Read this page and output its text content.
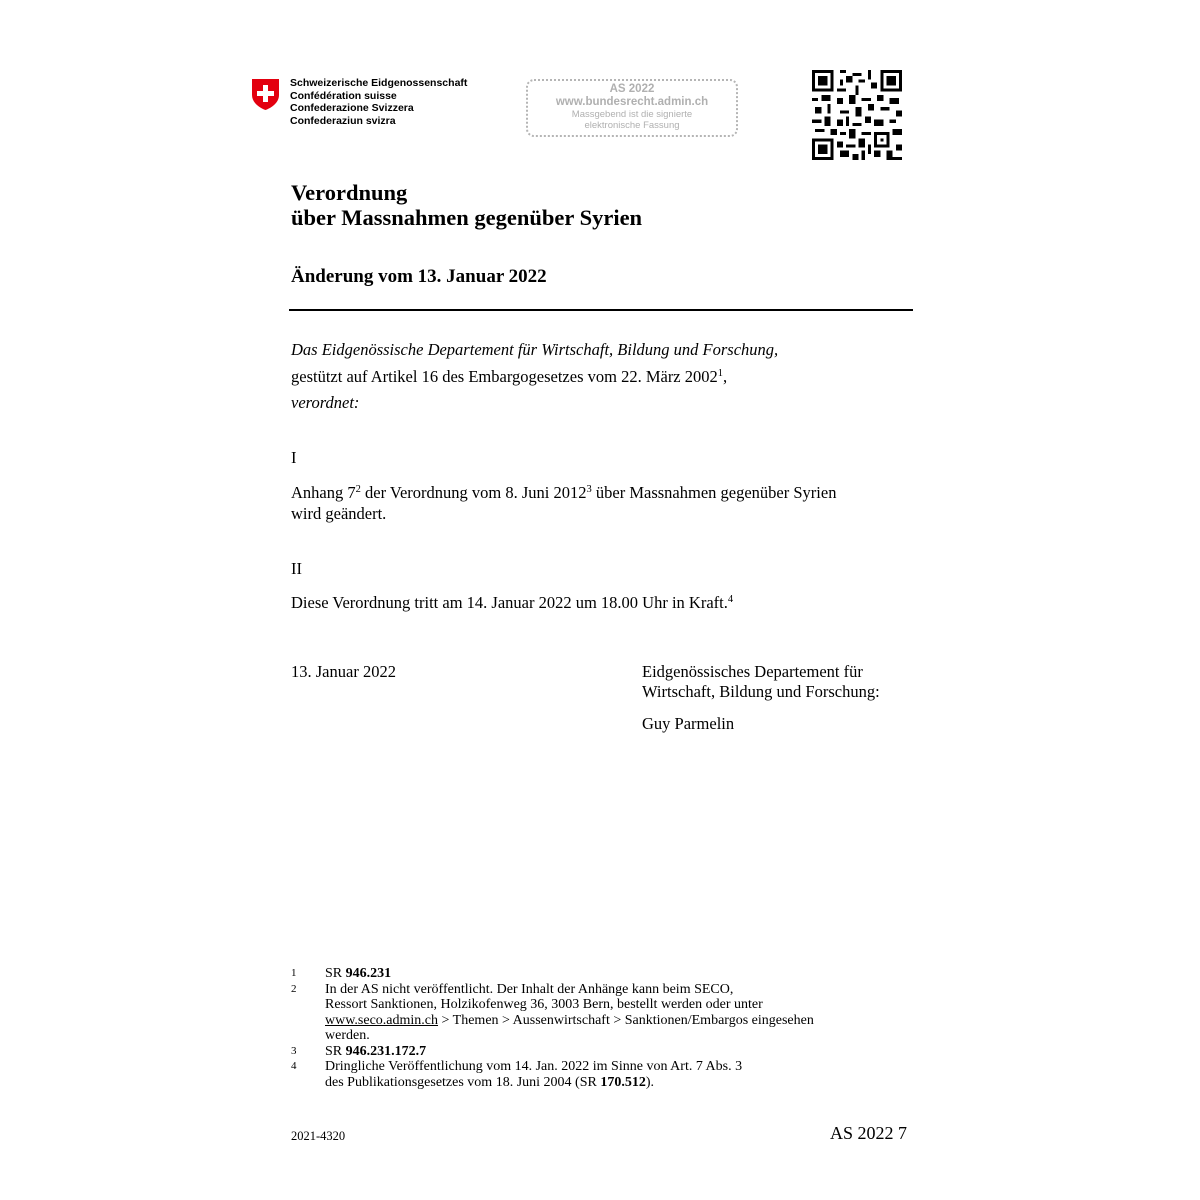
Schweizerische Eidgenossenschaft
Confédération suisse
Confederazione Svizzera
Confederaziun svizra
AS 2022
www.bundesrecht.admin.ch
Massgebend ist die signierte
elektronische Fassung
Verordnung
über Massnahmen gegenüber Syrien
Änderung vom 13. Januar 2022
Das Eidgenössische Departement für Wirtschaft, Bildung und Forschung,
gestützt auf Artikel 16 des Embargogesetzes vom 22. März 2002$^1$,
verordnet:
I
Anhang $7^2$ der Verordnung vom 8. Juni 2012$^3$ über Massnahmen gegenüber Syrien
wird geändert.
II
Diese Verordnung tritt am 14. Januar 2022 um 18.00 Uhr in Kraft.$^4$
13. Januar 2022	Eidgenössisches Departement für
Wirtschaft, Bildung und Forschung:
Guy Parmelin
1	SR 946.231
2	In der AS nicht veröffentlicht. Der Inhalt der Anhänge kann beim SECO,
Ressort Sanktionen, Holzikofenweg 36, 3003 Bern, bestellt werden oder unter
www.seco.admin.ch > Themen > Aussenwirtschaft > Sanktionen/Embargos eingesehen
werden.
3	SR 946.231.172.7
4	Dringliche Veröffentlichung vom 14. Jan. 2022 im Sinne von Art. 7 Abs. 3
des Publikationsgesetzes vom 18. Juni 2004 (SR 170.512).
2021-4320	AS 2022 7
